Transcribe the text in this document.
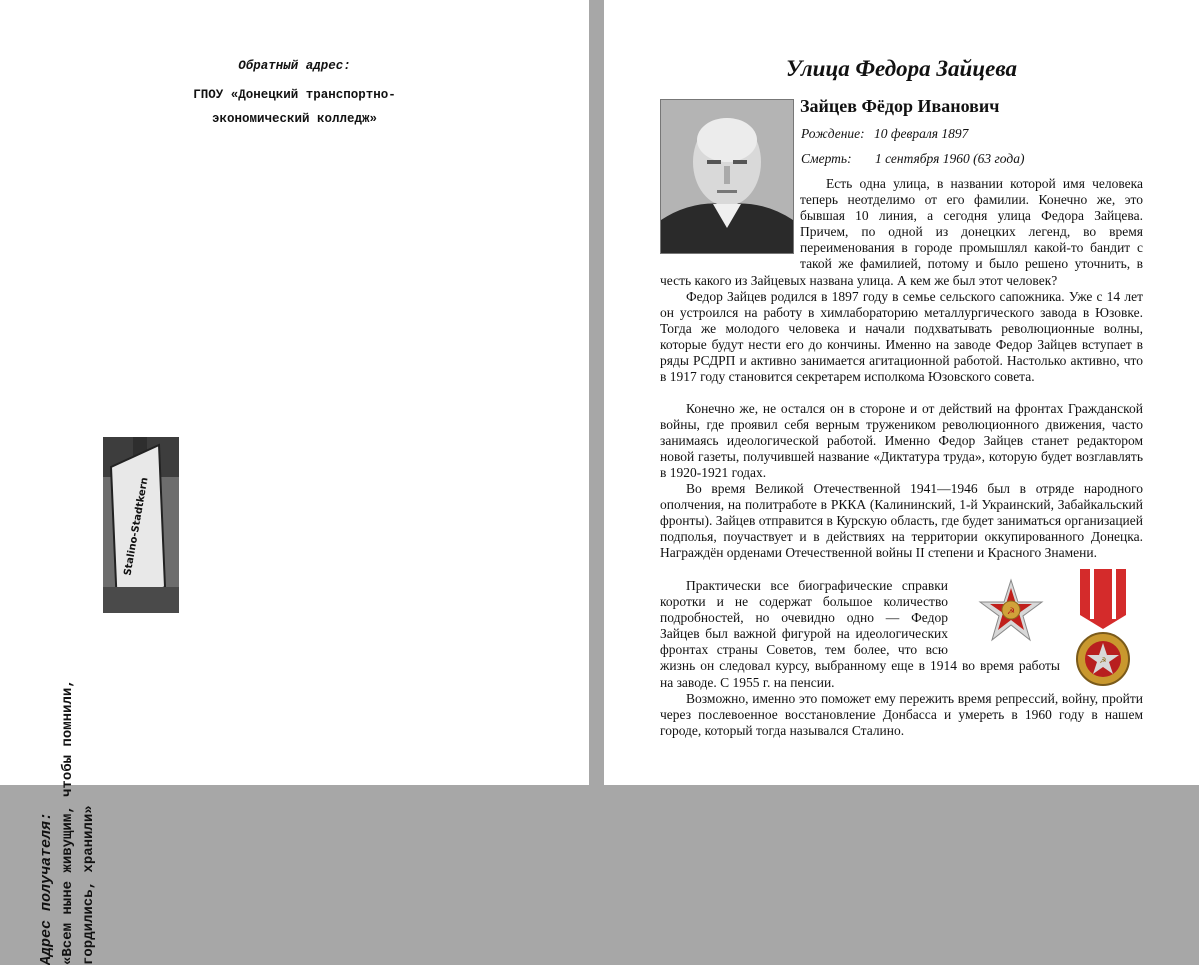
Обратный адрес:
ГПОУ «Донецкий транспортно-
экономический колледж»
Адрес получателя: «Всем ныне живущим, чтобы помнили, гордились, хранили»
Stalino-Stadtkern
Улица Федора Зайцева
Зайцев Фёдор Иванович
Рождение: 10 февраля 1897
Смерть: 1 сентября 1960 (63 года)

Есть одна улица, в названии которой имя человека теперь неотделимо от его фамилии. Конечно же, это бывшая 10 линия, а сегодня улица Федора Зайцева. Причем, по одной из донецких легенд, во время переименования в городе промышлял какой-то бандит с такой же фамилией, потому и было решено уточнить, в честь какого из Зайцевых названа улица. А кем же был этот человек?

Федор Зайцев родился в 1897 году в семье сельского сапожника. Уже с 14 лет он устроился на работу в химлабораторию металлургического завода в Юзовке. Тогда же молодого человека и начали подхватывать революционные волны, которые будут нести его до кончины. Именно на заводе Федор Зайцев вступает в ряды РСДРП и активно занимается агитационной работой. Настолько активно, что в 1917 году становится секретарем исполкома Юзовского совета.

Конечно же, не остался он в стороне и от действий на фронтах Гражданской войны, где проявил себя верным тружеником революционного движения, часто занимаясь идеологической работой. Именно Федор Зайцев станет редактором новой газеты, получившей название «Диктатура труда», которую будет возглавлять в 1920-1921 годах.

Во время Великой Отечественной 1941—1946 был в отряде народного ополчения, на политработе в РККА (Калининский, 1-й Украинский, Забайкальский фронты). Зайцев отправится в Курскую область, где будет заниматься организацией подполья, поучаствует и в действиях на территории оккупированного Донецка. Награждён орденами Отечественной войны II степени и Красного Знамени.

Практически все биографические справки коротки и не содержат большое количество подробностей, но очевидно одно — Федор Зайцев был важной фигурой на идеологических фронтах страны Советов, тем более, что всю жизнь он следовал курсу, выбранному еще в 1914 во время работы на заводе. С 1955 г. на пенсии.

Возможно, именно это поможет ему пережить время репрессий, войну, пройти через послевоенное восстановление Донбасса и умереть в 1960 году в нашем городе, который тогда назывался Сталино.

☭
☭
